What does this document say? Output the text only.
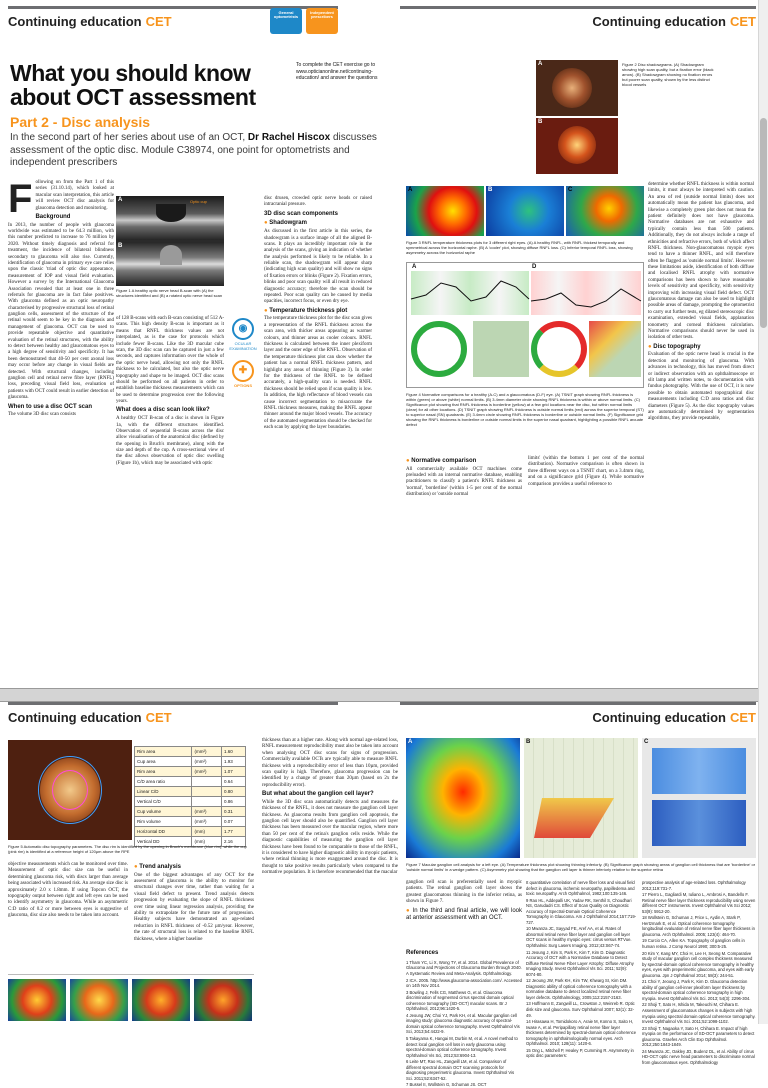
Continuing education CET
General optometrists
Independent prescribers	Continuing education CET
What you should know about OCT assessment
To complete the CET exercise go to www.opticianonline.net/continuing-education/ and answer the questions
Part 2 - Disc analysis
In the second part of her series about use of an OCT, Dr Rachel Hiscox discusses assessment of the optic disc. Module C38974, one point for optometrists and independent prescribers
A
B
Optic cup
Figure 1 A healthy optic nerve head B-scan with (A) the structures identified and (B) a rotated optic nerve head scan

Following on from the Part 1 of this series (31.10.14), which looked at macular scan interpretation, this article will review OCT disc analysis for glaucoma detection and monitoring.

Background

In 2013, the number of people with glaucoma worldwide was estimated to be 64.3 million, with this number predicted to increase to 76 million by 2020. Without timely diagnosis and referral for treatment, the incidence of bilateral blindness secondary to glaucoma will also rise. Currently, identification of glaucoma in primary eye care relies upon the classic 'triad of optic disc appearance, measurement of IOP and visual field evaluation. However a survey by the International Glaucoma Association revealed that at least one in three referrals for glaucoma are in fact false positives. With glaucoma defined as an optic neuropathy characterised by progressive structural loss of retinal ganglion cells, assessment of the structure of the retinal would seem to be key in the diagnosis and management of glaucoma. OCT can be used to provide repeatable objective and quantitative evaluation of the retinal structures, with the ability to detect between healthy and glaucomatous eyes to a high degree of sensitivity and specificity. It has been demonstrated that 40-50 per cent axonal loss may occur before any change in visual fields are detected. With structural changes, including ganglion cell and retinal nerve fibre layer (RNFL) loss, preceding visual field loss, evaluation of patients with OCT could result in earlier detection of glaucoma.

When to use a disc OCT scan

The volume 3D disc scan consists

of 128 B-scans with each B-scan consisting of 512 A-scans. This high density B-scan is important as it means that RNFL thickness values are not interpolated, as is the case for protocols which include fewer B-scans. Like the 3D macular cube scan, the 3D disc scan can be captured in just a few seconds, and captures information over the whole of the optic nerve head, allowing not only the RNFL thickness to be calculated, but also the optic nerve topography and shape to be imaged. OCT disc scans should be performed on all patients in order to establish baseline thickness measurements which can be used to determine progression over the following years.

What does a disc scan look like?

A healthy OCT B-scan of a disc is shown in Figure 1a, with the different structures identified. Observation of sequential B-scans across the disc allow visualisation of the anatomical disc (defined by the opening in Bruch's membrane), along with the size and depth of the cup. A cross-sectional view of the disc allows observation of optic disc swelling (Figure 1b), which may be associated with optic

◉
OCULAR EXAMINATION
✚
OPTIONS

disc drusen, crowded optic nerve heads or raised intracranial pressure.

3D disc scan components
● Shadowgram

As discussed in the first article in this series, the shadowgram is a surface image of all the aligned B-scans. It plays an incredibly important role in the analysis of the scans, giving an indication of whether the analysis performed is likely to be reliable. In a reliable scan, the shadowgram will appear sharp (indicating high scan quality) and will show no signs of fixation errors or blinks (Figure 2). Fixation errors, blinks and poor scan quality will all result in reduced diagnostic accuracy; therefore the scan should be repeated. Poor scan quality can be caused by media opacities, incorrect focus, or even dry eye.

● Temperature thickness plot

The temperature thickness plot for the disc scan gives a representation of the RNFL thickness across the scan area, with thicker areas appearing as warmer colours, and thinner areas as cooler colours. RNFL thickness is calculated between the inner plexiform layer and the outer edge of the RNFL. Observation of the temperature thickness plot can show whether the patient has a normal RNFL thickness pattern, and highlight any areas of thinning (Figure 3). In order for the thickness of the RNFL to be defined accurately, a high-quality scan is needed. RNFL thickness should be relied upon if scan quality is low. In addition, the high reflectance of blood vessels can cause incorrect segmentation to misaccurate the RNFL thickness measures, making the RNFL appear thinner around the major blood vessels. The accuracy of the automated segmentation should be checked for each scan by applying the layer boundaries.

A
B
Figure 2 Disc shadowgrams. (A) Shadowgram showing high scan quality, but a fixation error (black arrow). (B) Shadowgram showing no fixation errors but poorer scan quality, shown by the less distinct blood vessels
A	B	C
Figure 3 RNFL temperature thickness plots for 3 different right eyes. (A) A healthy RNFL, with RNFL thickest temporally and symmetrical across the horizontal raphe. (B) A 'cooler' plot, showing diffuse RNFL loss. (C) Inferior temporal RNFL loss, showing asymmetry across the horizontal raphe
A	D
Figure 4 Normative comparisons for a healthy (A-C) and a glaucomatous (D-F) eye. (A) TSNIT graph showing RNFL thickness is within (green) or above (white) normal limits. (B) 3.4mm diameter circle showing RNFL thickness is within or above normal limits. (C) Significance plot showing that RNFL thickness is borderline (yellow) at a few grid locations near the disc, but within normal limits (clear) for all other locations. (D) TSNIT graph showing RNFL thickness is outside normal limits (red) across the superior temporal (ST) to superior nasal (SN) quadrants. (E) 3.4mm circle showing RNFL thickness is borderline or outside normal limits. (F) Significance grid showing the RNFL thickness is borderline or outside normal limits in the superior nasal quadrant, highlighting a possible RNFL arcuate defect
● Normative comparison

All commercially available OCT machines come preloaded with an internal normative database, enabling practitioners to classify a patient's RNFL thickness as 'normal', 'borderline' (within 1-5 per cent of the normal distribution) or 'outside normal

limits' (within the bottom 1 per cent of the normal distribution). Normative comparison is often shown in three different ways on a TSNIT chart, on a 3.4mm ring, and on a significance grid (Figure 4). While normative comparison provides a useful reference to

determine whether RNFL thickness is within normal limits, it must always be interpreted with caution. An area of red (outside normal limits) does not automatically mean the patient has glaucoma, and likewise a completely green plot does not mean the patient definitely does not have glaucoma. Normative databases are not exhaustive and typically contain less than 500 patients. Additionally, they do not always include a range of ethnicities and refractive errors, both of which affect RNFL thickness. Non-glaucomatous myopic eyes tend to have a thinner RNFL, and will therefore often be flagged as 'outside normal limits'. However these limitations aside, identification of both diffuse and localised RNFL atrophy with normative comparisons has been shown to have reasonable levels of sensitivity and specificity, with sensitivity improving with increasing visual field defect. OCT glaucomatous damage can also be used to highlight possible areas of damage, prompting the optometrist to carry out further tests, eg dilated stereoscopic disc examination, extended visual fields, applanation tonometry and corneal thickness calculation. Normative comparisons should never be used in isolation of other tests.

● Disc topography

Evaluation of the optic nerve head is crucial in the detection and monitoring of glaucoma. With advances in technology, this has moved from direct or indirect observation with an ophthalmoscope or slit lamp and written notes, to documentation with fundus photography. With the use of OCT, it is now possible to obtain automated topographical disc measurements including C:D area ratios and disc diameters (Figure 5). As the disc topography values are automatically determined by segmentation algorithms, they provide repeatable,

Continuing education CET	Continuing education CET
Rim area	(mm²)	1.60
Cup area	(mm²)	1.93
Rim area	(mm²)	1.07
C/D area ratio		0.64
Linear C/D		0.80
Vertical C/D		0.86
Cup volume	(mm³)	0.31
Rim volume	(mm³)	0.07
Horizontal DD	(mm)	1.77
Vertical DD	(mm)	2.16
Figure 5 Automatic disc topography parameters. The disc rim is identified by the opening in Bruch's membrane (blue rim), while the cup (pink rim) is identified at a reference height of 120µm above the RPE

objective measurements which can be monitored over time. Measurement of optic disc size can be useful in determining glaucoma risk, with discs larger than average being associated with increased risk. An average size disc is approximately 2.0 x 1.8mm. If using Topcon OCT, the topography output between right and left eyes can be used to identify asymmetry in glaucoma. While an asymmetric C:D ratio of 0.2 or more between eyes is suggestive of glaucoma, disc size also needs to be taken into account.

● Trend analysis

One of the biggest advantages of any OCT for the assessment of glaucoma is the ability to monitor for structural changes over time, rather than waiting for a visual field defect to present. Trend analysis detects progression by evaluating the slope of RNFL thickness over time using linear regression analysis, providing the ability to extrapolate for the future rate of progression. Healthy subjects have demonstrated an age-related reduction in RNFL thickness of -0.52 µm/year. However, the rate of structural loss is related to the baseline RNFL thickness, where a higher baseline

thickness than at a higher rate. Along with normal age-related loss, RNFL measurement reproducibility must also be taken into account when analysing OCT disc scans for signs of progression. Commercially available OCTs are typically able to measure RNFL thickness with a reproducibility error of less than 10µm, provided scan quality is high. Therefore, glaucoma progression can be identified by a change of greater than 20µm (based on 2x the reproducibility error).

But what about the ganglion cell layer?

While the 3D disc scan automatically detects and measures the thickness of the RNFL, it does not measure the ganglion cell layer thickness. As glaucoma results from ganglion cell apoptosis, the ganglion cell layer should also be quantified. Ganglion cell layer thickness has been measured over the macular region, where more than 50 per cent of the retina's ganglion cells reside. While the diagnostic capabilities of measuring the ganglion cell layer thickness have been found to be comparable to those of the RNFL, it is considered to have higher diagnostic ability in myopic patients, where retinal thinning is more exaggerated around the disc. It is thought to take positive results particularly when compared to the normative population. It is therefore recommended that the macular

A	B	C
Figure 7 Macular ganglion cell analysis for a left eye. (A) Temperature thickness plot showing thinning inferiorly. (B) Significance graph showing areas of ganglion cell thickness that are 'borderline' or 'outside normal limits' in a wedge pattern. (C) Asymmetry plot showing that the ganglion cell layer is thinner inferiorly relative to the superior retina

ganglion cell scan is preferentially used in myopic patients. The retinal ganglion cell layer shows the greatest glaucomatous thinning in the inferior retina, as shown in Figure 7.

● In the third and final article, we will look at anterior assessment with an OCT.
References
1 Tham YC, Li X, Wong TY, et al. 2014. Global Prevalence of Glaucoma and Projections of Glaucoma Burden through 2040. A Systematic Review and Meta-Analysis. Ophthalmology.
2 ICA. 2005. http://www.glaucoma-association.com/. Accessed on 14th Nov 2014.
3 Bowling J, Fells CG, Matthews G, et al. Glaucoma discrimination of segmented cirrus spectral domain optical coherence tomography (SD-OCT) macular scans. Br J Ophthalmol, 2012;96:1420-5.
4 Jeoung JW, Choi YJ, Park KH, et al. Macular ganglion cell imaging study: glaucoma diagnostic accuracy of spectral-domain optical coherence tomography. Invest Ophthalmol Vis Sci, 2013;54:4422-9.
5 Takayama K, Hangai M, Durbin M, et al. A novel method to detect local ganglion cell loss in early glaucoma using spectral-domain optical coherence tomography. Invest Ophthalmol Vis Sci, 2012;53:6904-13.
6 Leite MT, Rao HL, Zangwill LM, et al. Comparison of different spectral domain OCT scanning protocols for diagnosing preperimetric glaucoma. Invest Ophthalmol Vis Sci. 2011;52:6347-52.
7 Bussel II, Wollstein G, Schuman JS. OCT
It quantitative correlation of nerve fiber loss and visual field defect in glaucoma, ischemic neuropathy, papilledema and toxic neuropathy. Arch Ophthalmol, 1982;100:135-146.
9 Rao HL, Addepalli UK, Yadav RK, Senthil S, Choudhari NS, Garudadri CS. Effect of Scan Quality on Diagnostic Accuracy of Spectral-Domain Optical Coherence Tomography in Glaucoma. Am J Ophthalmol 2014;157:719-727.
10 Mwanza JC, Sayyad FE, Aref AA, et al. Rates of abnormal retinal nerve fiber layer and ganglion cell layer OCT scans in healthy myopic eyes: cirrus versus RTVue. Ophthalmic Surg Lasers Imaging. 2012;43:S67-74.
11 Jeoung J, Kim S, Park K, Kim T, Kim D. Diagnostic Accuracy of OCT with a Normative Database to Detect Diffuse Retinal Nerve Fiber Layer Atrophy: Diffuse Atrophy Imaging Study. Invest Ophthalmol Vis Sci. 2011; 52(9): 6074-80.
12 Jeoung JW, Park KH, Kim TW, Khwarg SI, Kim DM. Diagnostic ability of optical coherence tomography with a normative database to detect localized retinal nerve fiber layer defects. Ophthalmology, 2005;112:2157-2163.
13 Hoffmann E, Zangwill LL, Crowston J, Weinreb R. Optic disk size and glaucoma. Surv Ophthalmol 2007; 52(1): 32-49.
14 Hirasawa H, Tomidokoro A, Araie M, Konno S, Saito H, Iwase A, et al. Peripapillary retinal nerve fiber layer thickness determined by spectral-domain optical coherence tomography in ophthalmologically normal eyes. Arch Ophthalmol. 2010; 128(11): 1420-6.
15 Ong L, Mitchell P, Healey P, Cumming R. Asymmetry in optic disc parameters:
prospective analysis of age-related loss. Ophthalmology 2012;119:731-7.
17 Pierro L, Gagliardi M, Iuliano L, Ambrosi A, Bandello F. Retinal nerve fiber layer thickness reproducibility using seven different OCT instruments. Invest Ophthalmol Vis Sci 2012; 53(9): 5912-20.
18 Wollstein G, Schuman J, Price L, Aydin A, Stark P, Hertzmark E, et al. Optical coherence tomography longitudinal evaluation of retinal nerve fiber layer thickness in glaucoma. Arch Ophthalmol. 2005; 123(4): 464-70.
19 Curcio CA, Allen KA. Topography of ganglion cells in human retina. J Comp Neurol 1990; 300:5-25.
20 Kim Y, Kang MY, Choi H, Lee H, Seong M. Comparative study of macular ganglion cell complex thickness measured by spectral-domain optical coherence tomography in healthy eyes, eyes with preperimetric glaucoma, and eyes with early glaucoma. Jpn J Ophthalmol 2014; 58(3): 244-51.
21 Choi Y, Jeoung J, Park K, Kim D. Glaucoma detection ability of ganglion cell-inner plexiform layer thickness by spectral-domain optical coherence tomography in high myopia. Invest Ophthalmol Vis Sci. 2013; 54(3): 2296-304.
22 Shoji T, Sato H, Ishida M, Takeuchi M, Chihara E. Assessment of glaucomatous changes in subjects with high myopia using spectral domain optical coherence tomography. Invest Ophthalmol Vis Sci. 2011;52:1098-1102.
23 Shoji T, Nagaoka Y, Sato H, Chihara E. Impact of high myopia on the performance of SD-OCT parameters to detect glaucoma. Graefes Arch Clin Exp Ophthalmol. 2012;250:1843-1849.
24 Mwanza JC, Oakley JD, Budenz DL, et al. Ability of cirrus HD-OCT optic nerve head parameters to discriminate normal from glaucomatous eyes. Ophthalmology
